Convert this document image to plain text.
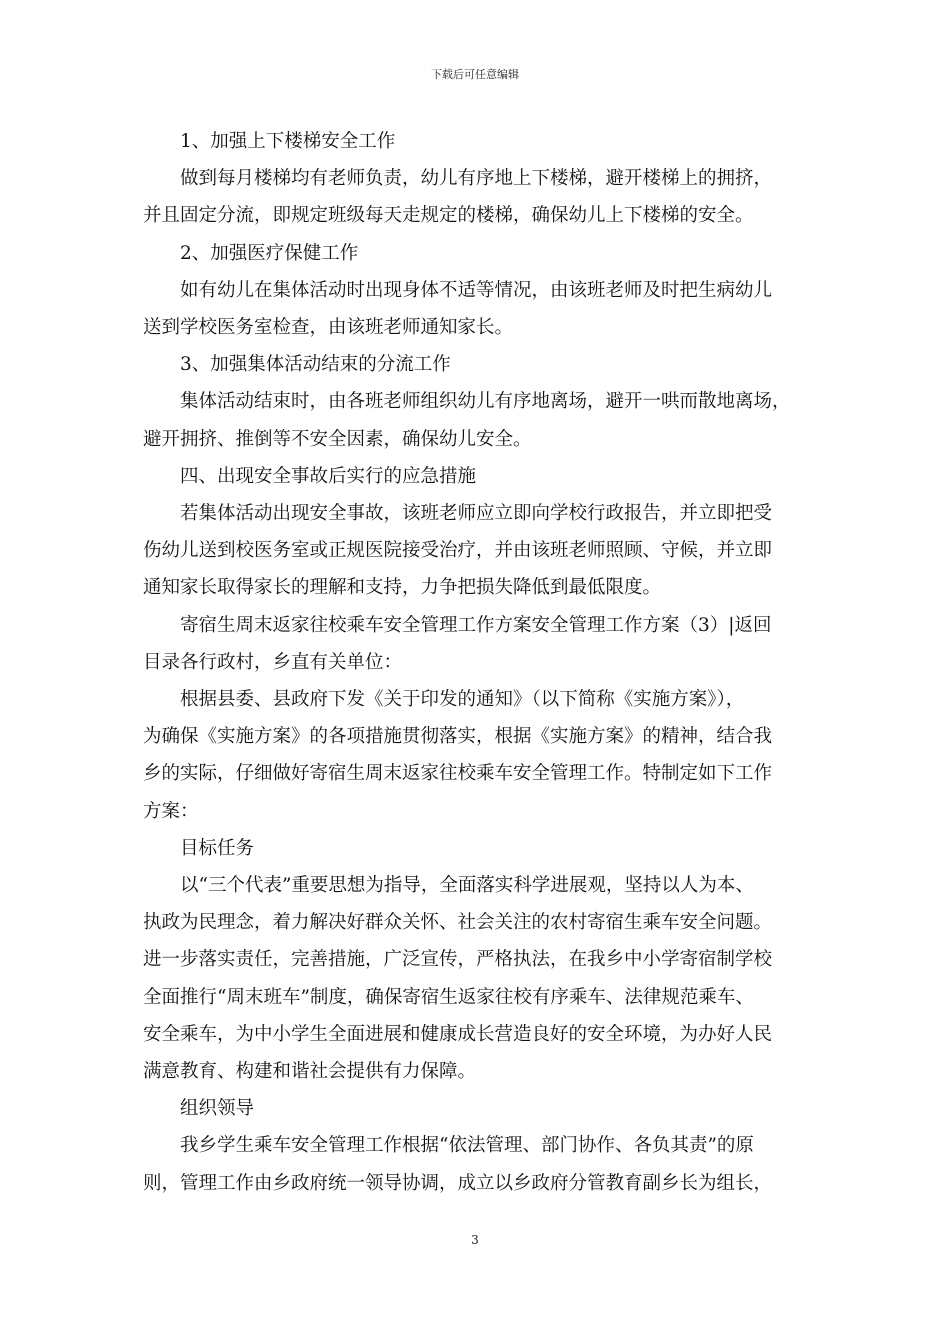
下载后可任意编辑
1、加强上下楼梯安全工作
做到每月楼梯均有老师负责，幼儿有序地上下楼梯，避开楼梯上的拥挤，
并且固定分流，即规定班级每天走规定的楼梯，确保幼儿上下楼梯的安全。
2、加强医疗保健工作
如有幼儿在集体活动时出现身体不适等情况，由该班老师及时把生病幼儿
送到学校医务室检查，由该班老师通知家长。
3、加强集体活动结束的分流工作
集体活动结束时，由各班老师组织幼儿有序地离场，避开一哄而散地离场，
避开拥挤、推倒等不安全因素，确保幼儿安全。
四、出现安全事故后实行的应急措施
若集体活动出现安全事故，该班老师应立即向学校行政报告，并立即把受
伤幼儿送到校医务室或正规医院接受治疗，并由该班老师照顾、守候，并立即
通知家长取得家长的理解和支持，力争把损失降低到最低限度。
寄宿生周末返家往校乘车安全管理工作方案安全管理工作方案（3）|返回
目录各行政村，乡直有关单位：
根据县委、县政府下发《关于印发的通知》（以下简称《实施方案》），
为确保《实施方案》的各项措施贯彻落实，根据《实施方案》的精神，结合我
乡的实际，仔细做好寄宿生周末返家往校乘车安全管理工作。特制定如下工作
方案：
目标任务
以“三个代表”重要思想为指导，全面落实科学进展观，坚持以人为本、
执政为民理念，着力解决好群众关怀、社会关注的农村寄宿生乘车安全问题。
进一步落实责任，完善措施，广泛宣传，严格执法，在我乡中小学寄宿制学校
全面推行“周末班车”制度，确保寄宿生返家往校有序乘车、法律规范乘车、
安全乘车，为中小学生全面进展和健康成长营造良好的安全环境，为办好人民
满意教育、构建和谐社会提供有力保障。
组织领导
我乡学生乘车安全管理工作根据“依法管理、部门协作、各负其责”的原
则，管理工作由乡政府统一领导协调，成立以乡政府分管教育副乡长为组长，
3
